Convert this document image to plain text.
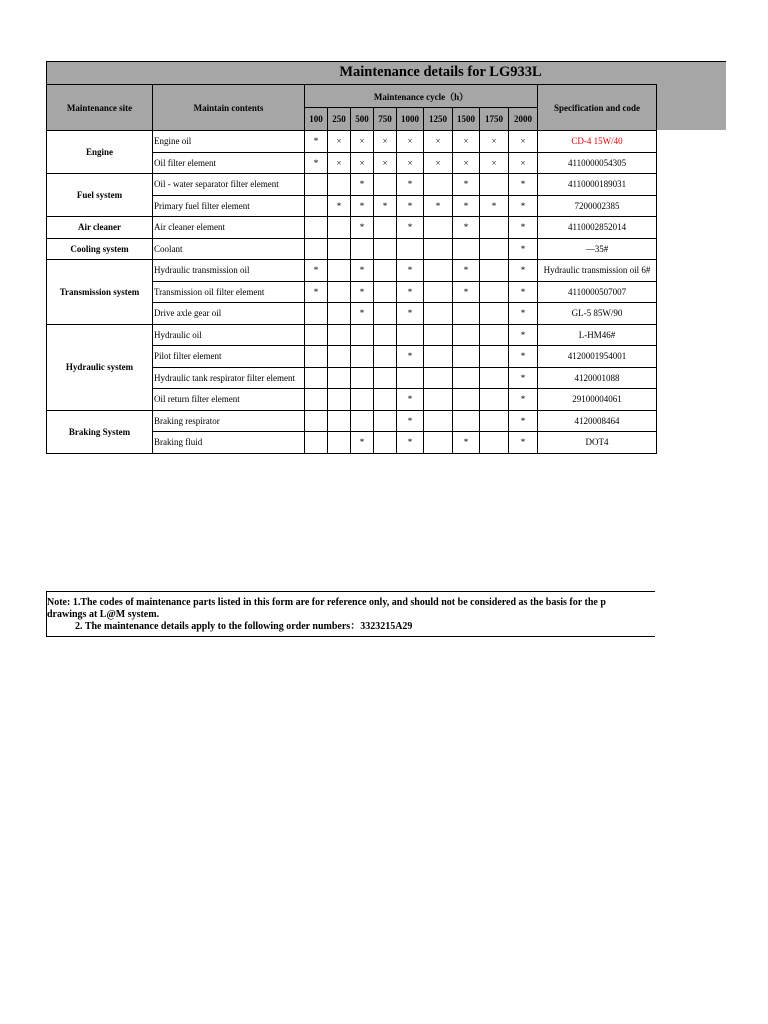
Maintenance details for LG933L
Maintenance site	Maintain contents	Maintenance cycle（h）									Specification and code
		100	250	500	750	1000	1250	1500	1750	2000	
Engine	Engine oil	*	×	×	×	×	×	×	×	×	CD-4 15W/40
	Oil filter element	*	×	×	×	×	×	×	×	×	4110000054305
Fuel system	Oil - water separator filter element			*		*		*		*	4110000189031
	Primary fuel filter element		*	*	*	*	*	*	*	*	7200002385
Air cleaner	Air cleaner element			*		*		*		*	4110002852014
Cooling system	Coolant									*	—35#
Transmission system	Hydraulic transmission oil	*		*		*		*		*	Hydraulic transmission oil 6#
	Transmission oil filter element	*		*		*		*		*	4110000507007
	Drive axle gear oil			*		*				*	GL-5 85W/90
Hydraulic system	Hydraulic oil									*	L-HM46#
	Pilot filter element					*				*	4120001954001
	Hydraulic tank respirator filter element									*	4120001088
	Oil return filter element					*				*	29100004061
Braking System	Braking respirator					*				*	4120008464
	Braking fluid			*		*		*		*	DOT4
Note: 1.The codes of maintenance parts listed in this form are for reference only, and should not be considered as the basis for the p
drawings at L@M system.
2. The maintenance details apply to the following order numbers：3323215A29
